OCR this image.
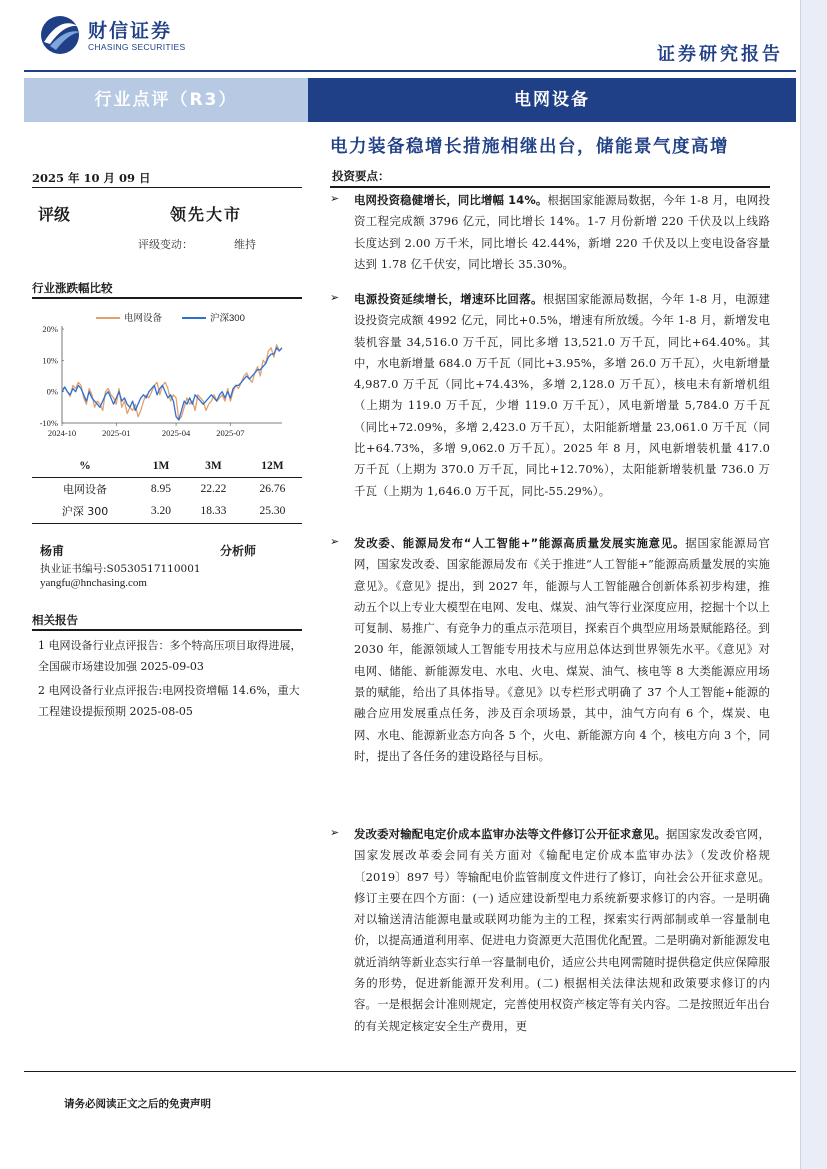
财信证券
CHASING SECURITIES	证券研究报告
行业点评（R3）	电网设备
电力装备稳增长措施相继出台，储能景气度高增
2025 年 10 月 09 日
评级	领先大市
评级变动：	维持
行业涨跌幅比较
电网设备	沪深300
20%
10%
0%
-10%
2024-10	2025-01	2025-04	2025-07
%	1M	3M	12M
电网设备	8.95	22.22	26.76
沪深 300	3.20	18.33	25.30
杨甫	分析师
执业证书编号:S0530517110001
yangfu@hnchasing.com
相关报告
1 电网设备行业点评报告：多个特高压项目取得进展，全国碳市场建设加强 2025-09-03
2 电网设备行业点评报告:电网投资增幅 14.6%，重大工程建设提振预期 2025-08-05
投资要点：
➢ 电网投资稳健增长，同比增幅 14%。根据国家能源局数据，今年 1-8 月，电网投资工程完成额 3796 亿元，同比增长 14%。1-7 月份新增 220 千伏及以上线路长度达到 2.00 万千米，同比增长 42.44%，新增 220 千伏及以上变电设备容量达到 1.78 亿千伏安，同比增长 35.30%。
➢ 电源投资延续增长，增速环比回落。根据国家能源局数据，今年 1-8 月，电源建设投资完成额 4992 亿元，同比+0.5%，增速有所放缓。今年 1-8 月，新增发电装机容量 34,516.0 万千瓦，同比多增 13,521.0 万千瓦，同比+64.40%。其中，水电新增量 684.0 万千瓦（同比+3.95%，多增 26.0 万千瓦），火电新增量 4,987.0 万千瓦（同比+74.43%，多增 2,128.0 万千瓦），核电未有新增机组（上期为 119.0 万千瓦，少增 119.0 万千瓦），风电新增量 5,784.0 万千瓦（同比+72.09%，多增 2,423.0 万千瓦），太阳能新增量 23,061.0 万千瓦（同比+64.73%，多增 9,062.0 万千瓦）。2025 年 8 月，风电新增装机量 417.0 万千瓦（上期为 370.0 万千瓦，同比+12.70%），太阳能新增装机量 736.0 万千瓦（上期为 1,646.0 万千瓦，同比-55.29%）。
➢ 发改委、能源局发布“人工智能+”能源高质量发展实施意见。据国家能源局官网，国家发改委、国家能源局发布《关于推进“人工智能+”能源高质量发展的实施意见》。《意见》提出，到 2027 年，能源与人工智能融合创新体系初步构建，推动五个以上专业大模型在电网、发电、煤炭、油气等行业深度应用，挖掘十个以上可复制、易推广、有竞争力的重点示范项目，探索百个典型应用场景赋能路径。到 2030 年，能源领域人工智能专用技术与应用总体达到世界领先水平。《意见》对电网、储能、新能源发电、水电、火电、煤炭、油气、核电等 8 大类能源应用场景的赋能，给出了具体指导。《意见》以专栏形式明确了 37 个人工智能+能源的融合应用发展重点任务，涉及百余项场景，其中，油气方向有 6 个，煤炭、电网、水电、能源新业态方向各 5 个，火电、新能源方向 4 个，核电方向 3 个，同时，提出了各任务的建设路径与目标。
➢ 发改委对输配电定价成本监审办法等文件修订公开征求意见。据国家发改委官网，国家发展改革委会同有关方面对《输配电定价成本监审办法》（发改价格规〔2019〕897 号）等输配电价监管制度文件进行了修订，向社会公开征求意见。修订主要在四个方面：(一) 适应建设新型电力系统新要求修订的内容。一是明确对以输送清洁能源电量或联网功能为主的工程，探索实行两部制或单一容量制电价，以提高通道利用率、促进电力资源更大范围优化配置。二是明确对新能源发电就近消纳等新业态实行单一容量制电价，适应公共电网需随时提供稳定供应保障服务的形势，促进新能源开发利用。(二) 根据相关法律法规和政策要求修订的内容。一是根据会计准则规定，完善使用权资产核定等有关内容。二是按照近年出台的有关规定核定安全生产费用，更
请务必阅读正文之后的免责声明
